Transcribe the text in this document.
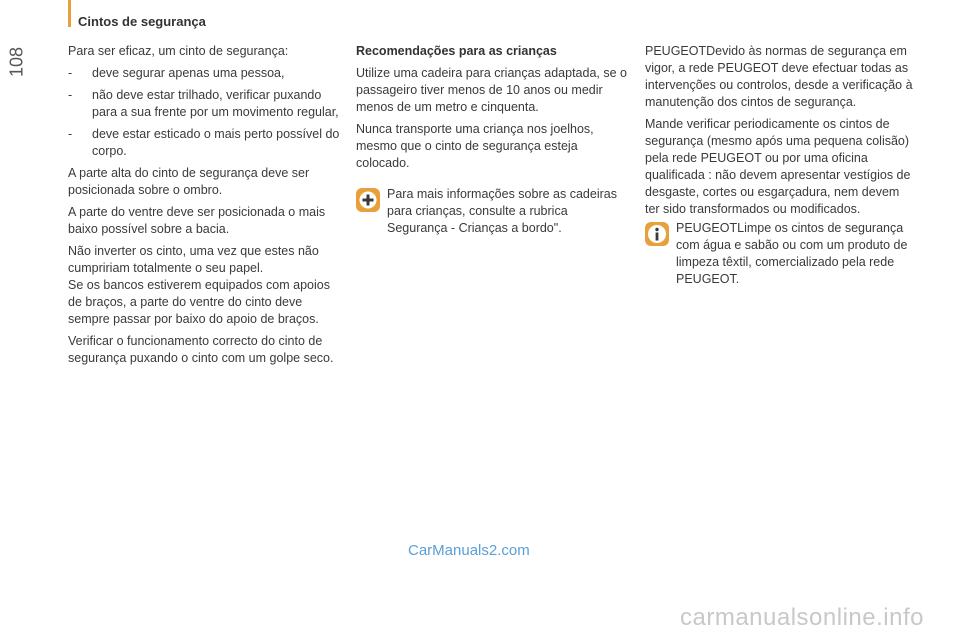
108
Cintos de segurança

Para ser eficaz, um cinto de segurança:

- deve segurar apenas uma pessoa,
- não deve estar trilhado, verificar puxando para a sua frente por um movimento regular,
- deve estar esticado o mais perto possível do corpo.

A parte alta do cinto de segurança deve ser posicionada sobre o ombro.

A parte do ventre deve ser posicionada o mais baixo possível sobre a bacia.

Não inverter os cinto, uma vez que estes não cumpririam totalmente o seu papel.

Se os bancos estiverem equipados com apoios de braços, a parte do ventre do cinto deve sempre passar por baixo do apoio de braços.

Verificar o funcionamento correcto do cinto de segurança puxando o cinto com um golpe seco.

Recomendações para as crianças

Utilize uma cadeira para crianças adaptada, se o passageiro tiver menos de 10 anos ou medir menos de um metro e cinquenta.

Nunca transporte uma criança nos joelhos, mesmo que o cinto de segurança esteja colocado.

Para mais informações sobre as cadeiras para crianças, consulte a rubrica Segurança - Crianças a bordo".

PEUGEOTDevido às normas de segurança em vigor, a rede PEUGEOT deve efectuar todas as intervenções ou controlos, desde a verificação à manutenção dos cintos de segurança.

Mande verificar periodicamente os cintos de segurança (mesmo após uma pequena colisão) pela rede PEUGEOT ou por uma oficina qualificada : não devem apresentar vestígios de desgaste, cortes ou esgarçadura, nem devem ter sido transformados ou modificados.

PEUGEOTLimpe os cintos de segurança com água e sabão ou com um produto de limpeza têxtil, comercializado pela rede PEUGEOT.
CarManuals2.com
carmanualsonline.info
